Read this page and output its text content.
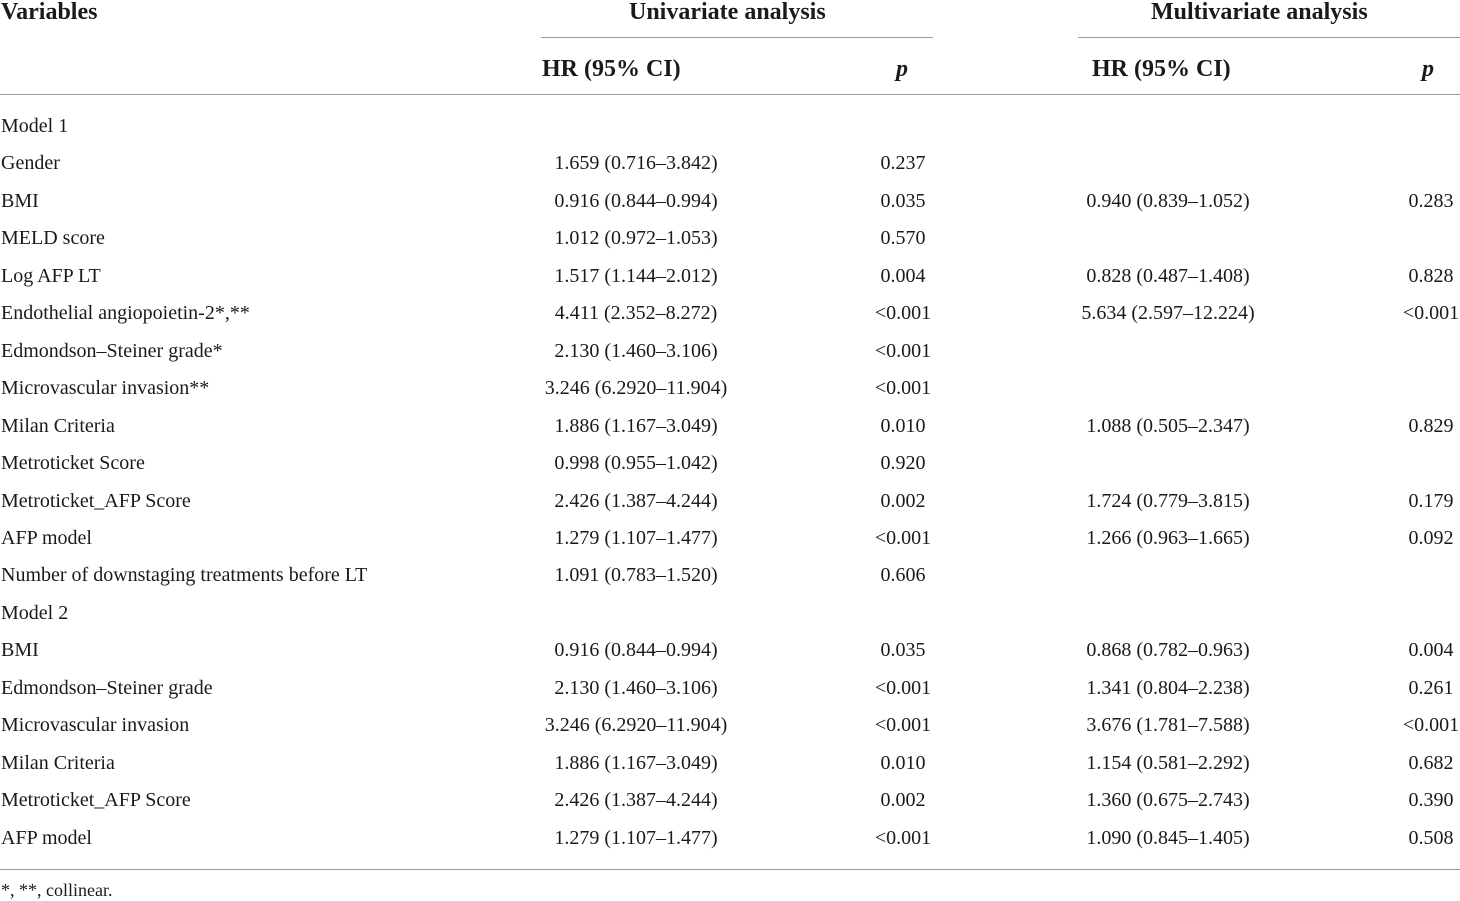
Variables	Univariate analysis	Multivariate analysis
HR (95% CI)	p	HR (95% CI)	p
Model 1
Gender	1.659 (0.716–3.842)	0.237
BMI	0.916 (0.844–0.994)	0.035	0.940 (0.839–1.052)	0.283
MELD score	1.012 (0.972–1.053)	0.570
Log AFP LT	1.517 (1.144–2.012)	0.004	0.828 (0.487–1.408)	0.828
Endothelial angiopoietin-2*,**	4.411 (2.352–8.272)	<0.001	5.634 (2.597–12.224)	<0.001
Edmondson–Steiner grade*	2.130 (1.460–3.106)	<0.001
Microvascular invasion**	3.246 (6.2920–11.904)	<0.001
Milan Criteria	1.886 (1.167–3.049)	0.010	1.088 (0.505–2.347)	0.829
Metroticket Score	0.998 (0.955–1.042)	0.920
Metroticket_AFP Score	2.426 (1.387–4.244)	0.002	1.724 (0.779–3.815)	0.179
AFP model	1.279 (1.107–1.477)	<0.001	1.266 (0.963–1.665)	0.092
Number of downstaging treatments before LT	1.091 (0.783–1.520)	0.606
Model 2
BMI	0.916 (0.844–0.994)	0.035	0.868 (0.782–0.963)	0.004
Edmondson–Steiner grade	2.130 (1.460–3.106)	<0.001	1.341 (0.804–2.238)	0.261
Microvascular invasion	3.246 (6.2920–11.904)	<0.001	3.676 (1.781–7.588)	<0.001
Milan Criteria	1.886 (1.167–3.049)	0.010	1.154 (0.581–2.292)	0.682
Metroticket_AFP Score	2.426 (1.387–4.244)	0.002	1.360 (0.675–2.743)	0.390
AFP model	1.279 (1.107–1.477)	<0.001	1.090 (0.845–1.405)	0.508
*, **, collinear.
